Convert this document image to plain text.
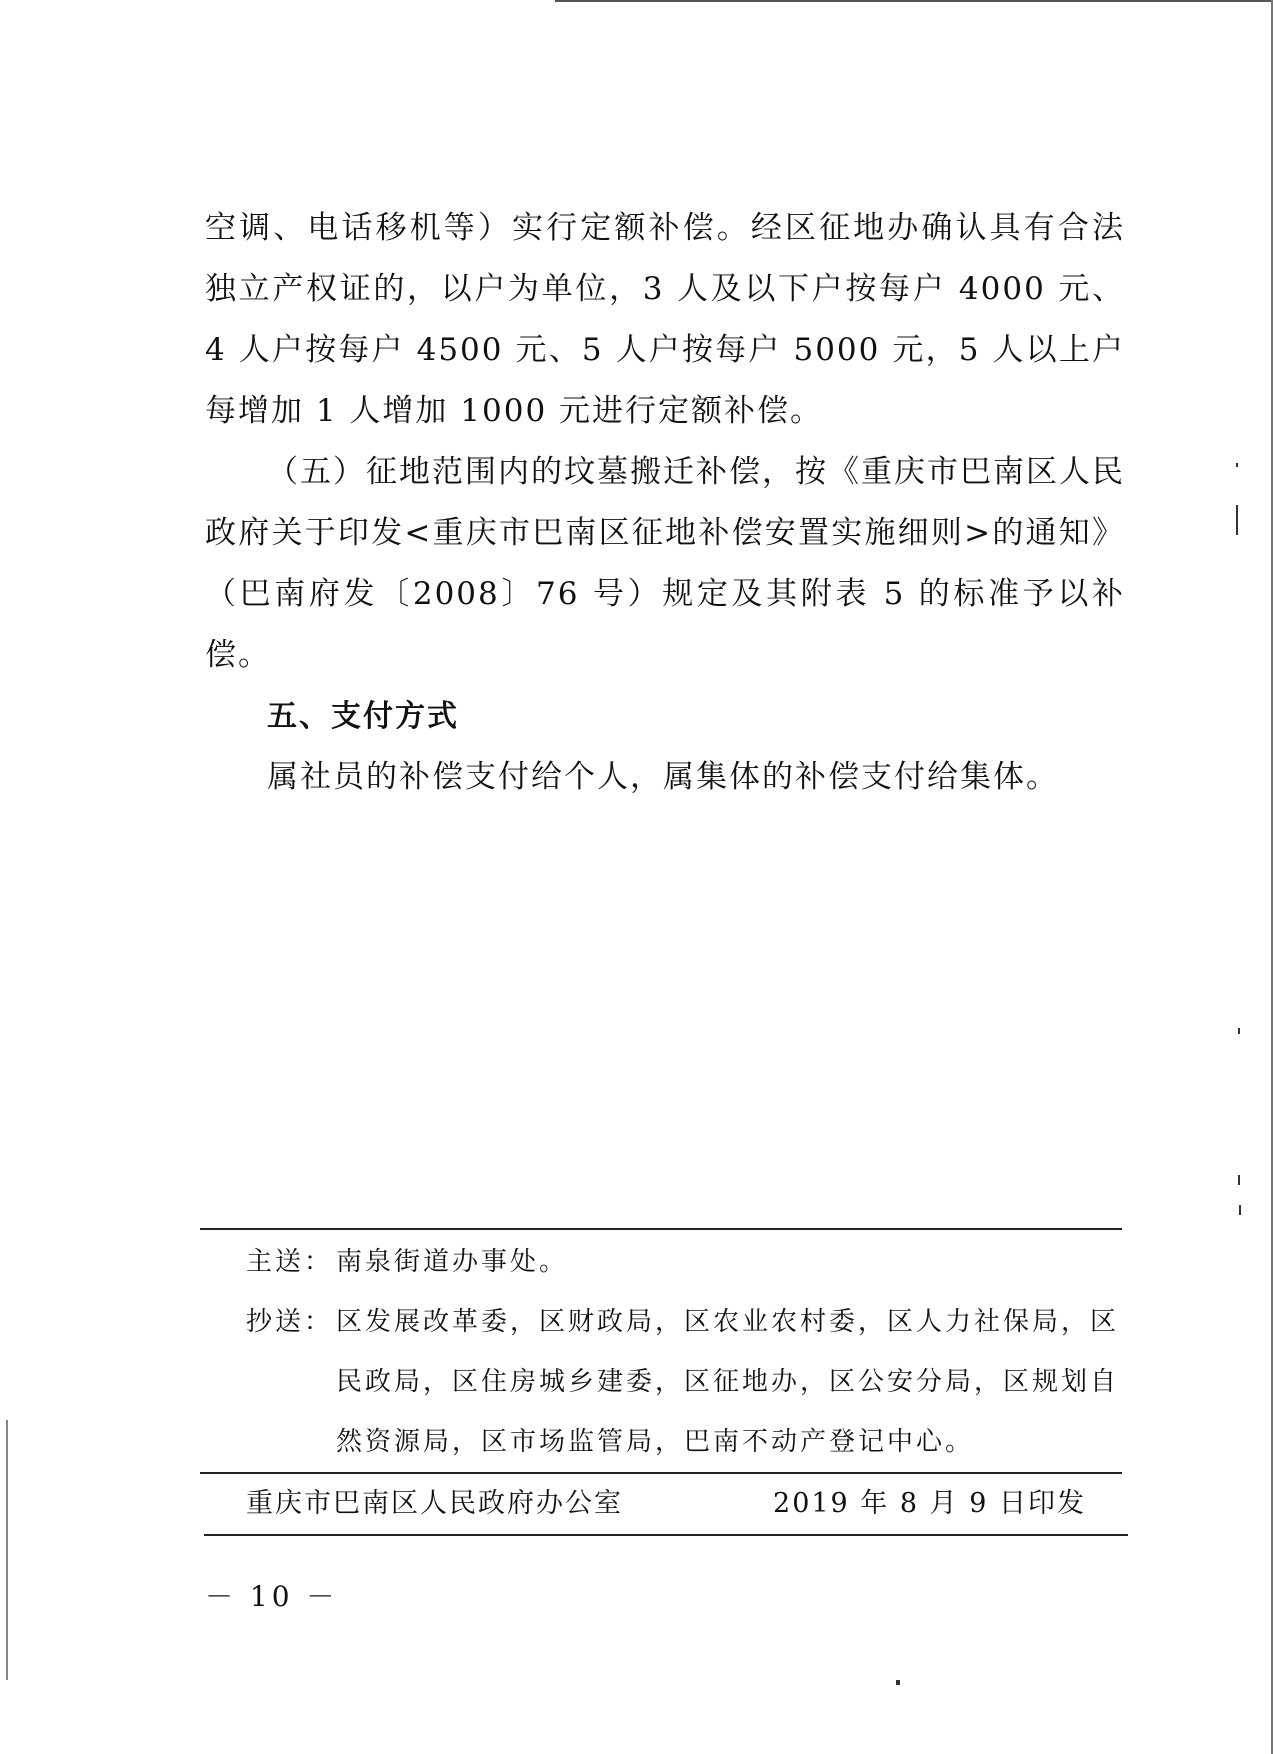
空调、电话移机等）实行定额补偿。经区征地办确认具有合法独立产权证的，以户为单位，3 人及以下户按每户 4000 元、4 人户按每户 4500 元、5 人户按每户 5000 元，5 人以上户每增加 1 人增加 1000 元进行定额补偿。

（五）征地范围内的坟墓搬迁补偿，按《重庆市巴南区人民政府关于印发<重庆市巴南区征地补偿安置实施细则>的通知》（巴南府发〔2008〕76 号）规定及其附表 5 的标准予以补偿。

五、支付方式

属社员的补偿支付给个人，属集体的补偿支付给集体。

主送： 南泉街道办事处。
抄送： 区发展改革委，区财政局，区农业农村委，区人力社保局，区民政局，区住房城乡建委，区征地办，区公安分局，区规划自然资源局，区市场监管局，巴南不动产登记中心。
重庆市巴南区人民政府办公室	2019 年 8 月 9 日印发
－ 10 －
